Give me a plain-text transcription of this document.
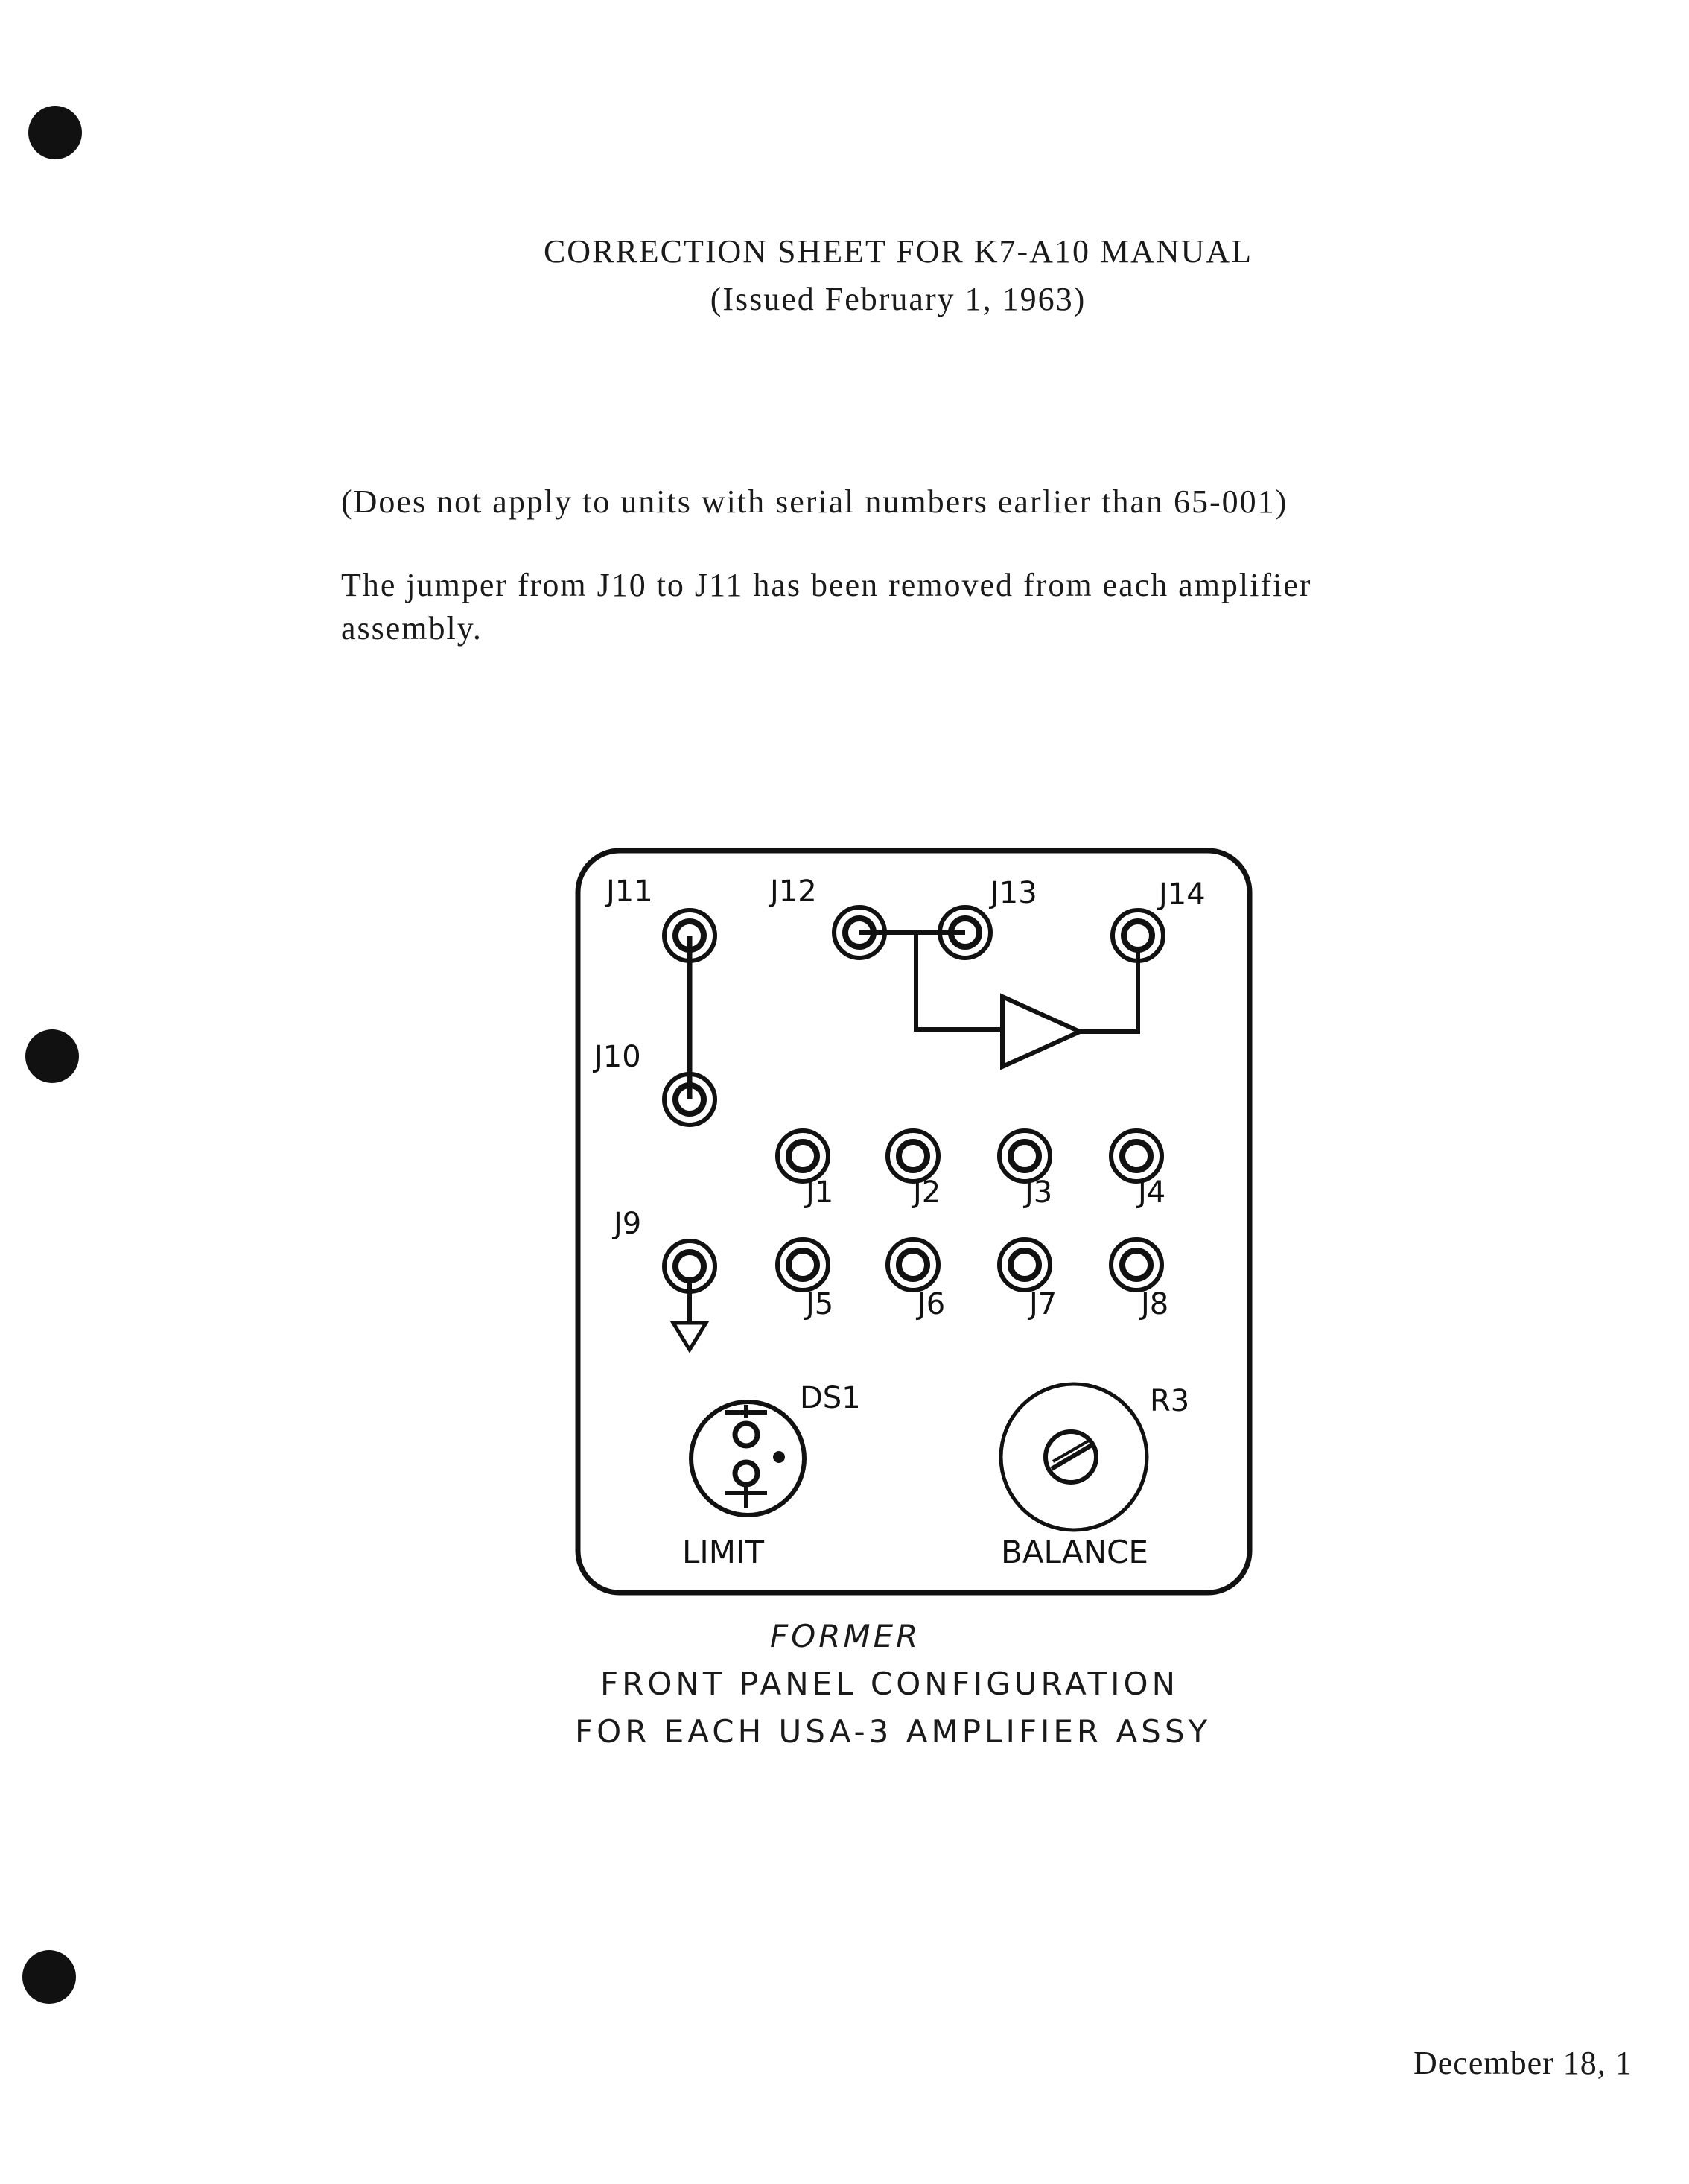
CORRECTION SHEET FOR K7-A10 MANUAL
(Issued February 1, 1963)
(Does not apply to units with serial numbers earlier than 65-001)
The jumper from J10 to J11 has been removed from each amplifier
assembly.
J11	J12	J13	J14
J10
J1	J2	J3	J4
J9
J5	J6	J7	J8
DS1	R3
LIMIT	BALANCE
FORMER
FRONT PANEL CONFIGURATION
FOR EACH USA-3 AMPLIFIER ASSY
December 18, 1
